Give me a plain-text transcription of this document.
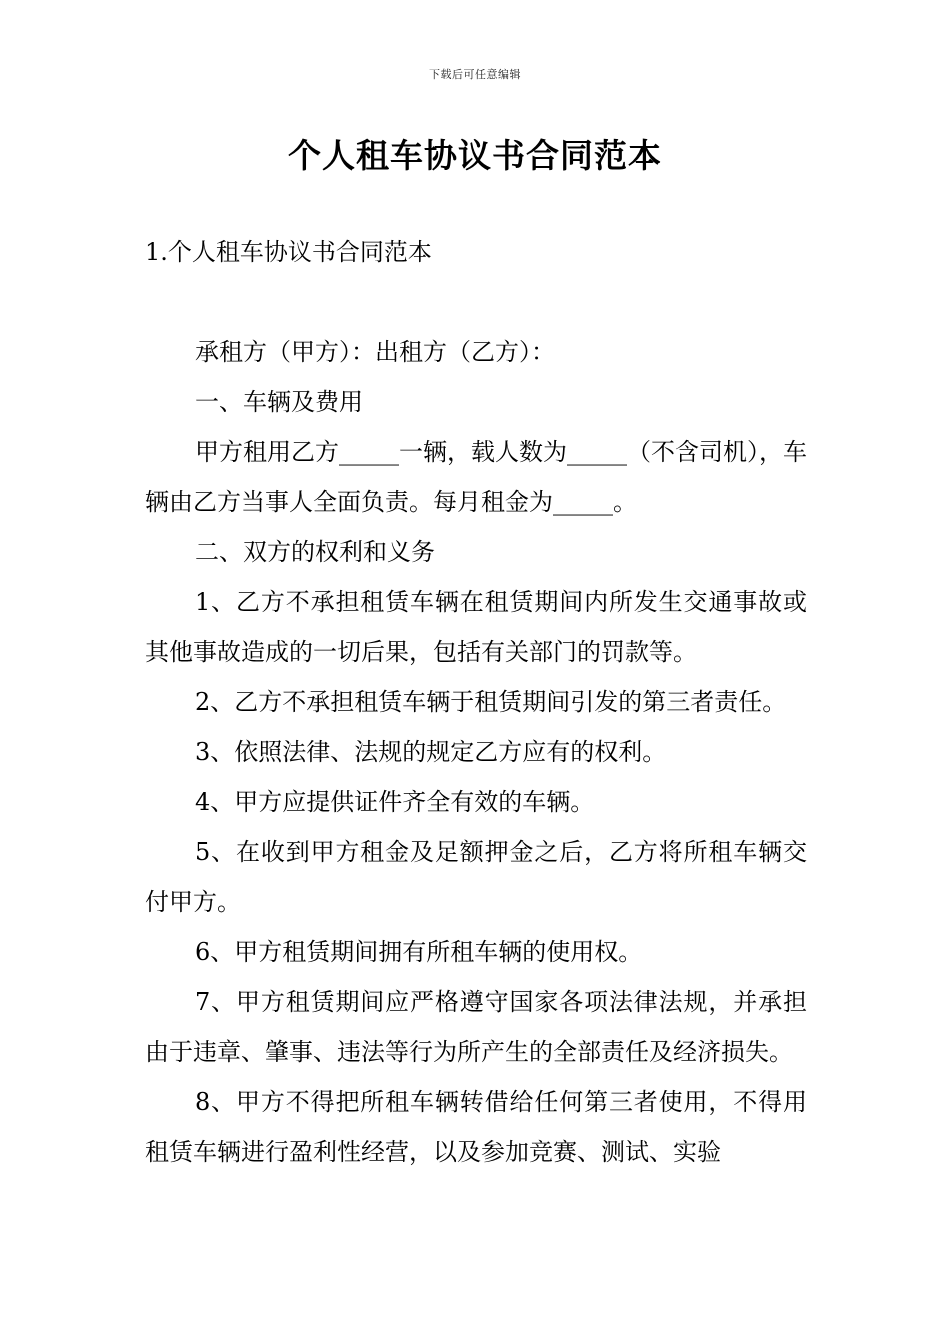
下载后可任意编辑
个人租车协议书合同范本
1.个人租车协议书合同范本

承租方（甲方）：出租方（乙方）：

一、车辆及费用

甲方租用乙方_____一辆，载人数为_____（不含司机），车辆由乙方当事人全面负责。每月租金为_____。

二、双方的权利和义务

1、乙方不承担租赁车辆在租赁期间内所发生交通事故或其他事故造成的一切后果，包括有关部门的罚款等。

2、乙方不承担租赁车辆于租赁期间引发的第三者责任。

3、依照法律、法规的规定乙方应有的权利。

4、甲方应提供证件齐全有效的车辆。

5、在收到甲方租金及足额押金之后，乙方将所租车辆交付甲方。

6、甲方租赁期间拥有所租车辆的使用权。

7、甲方租赁期间应严格遵守国家各项法律法规，并承担由于违章、肇事、违法等行为所产生的全部责任及经济损失。

8、甲方不得把所租车辆转借给任何第三者使用，不得用租赁车辆进行盈利性经营，以及参加竞赛、测试、实验
